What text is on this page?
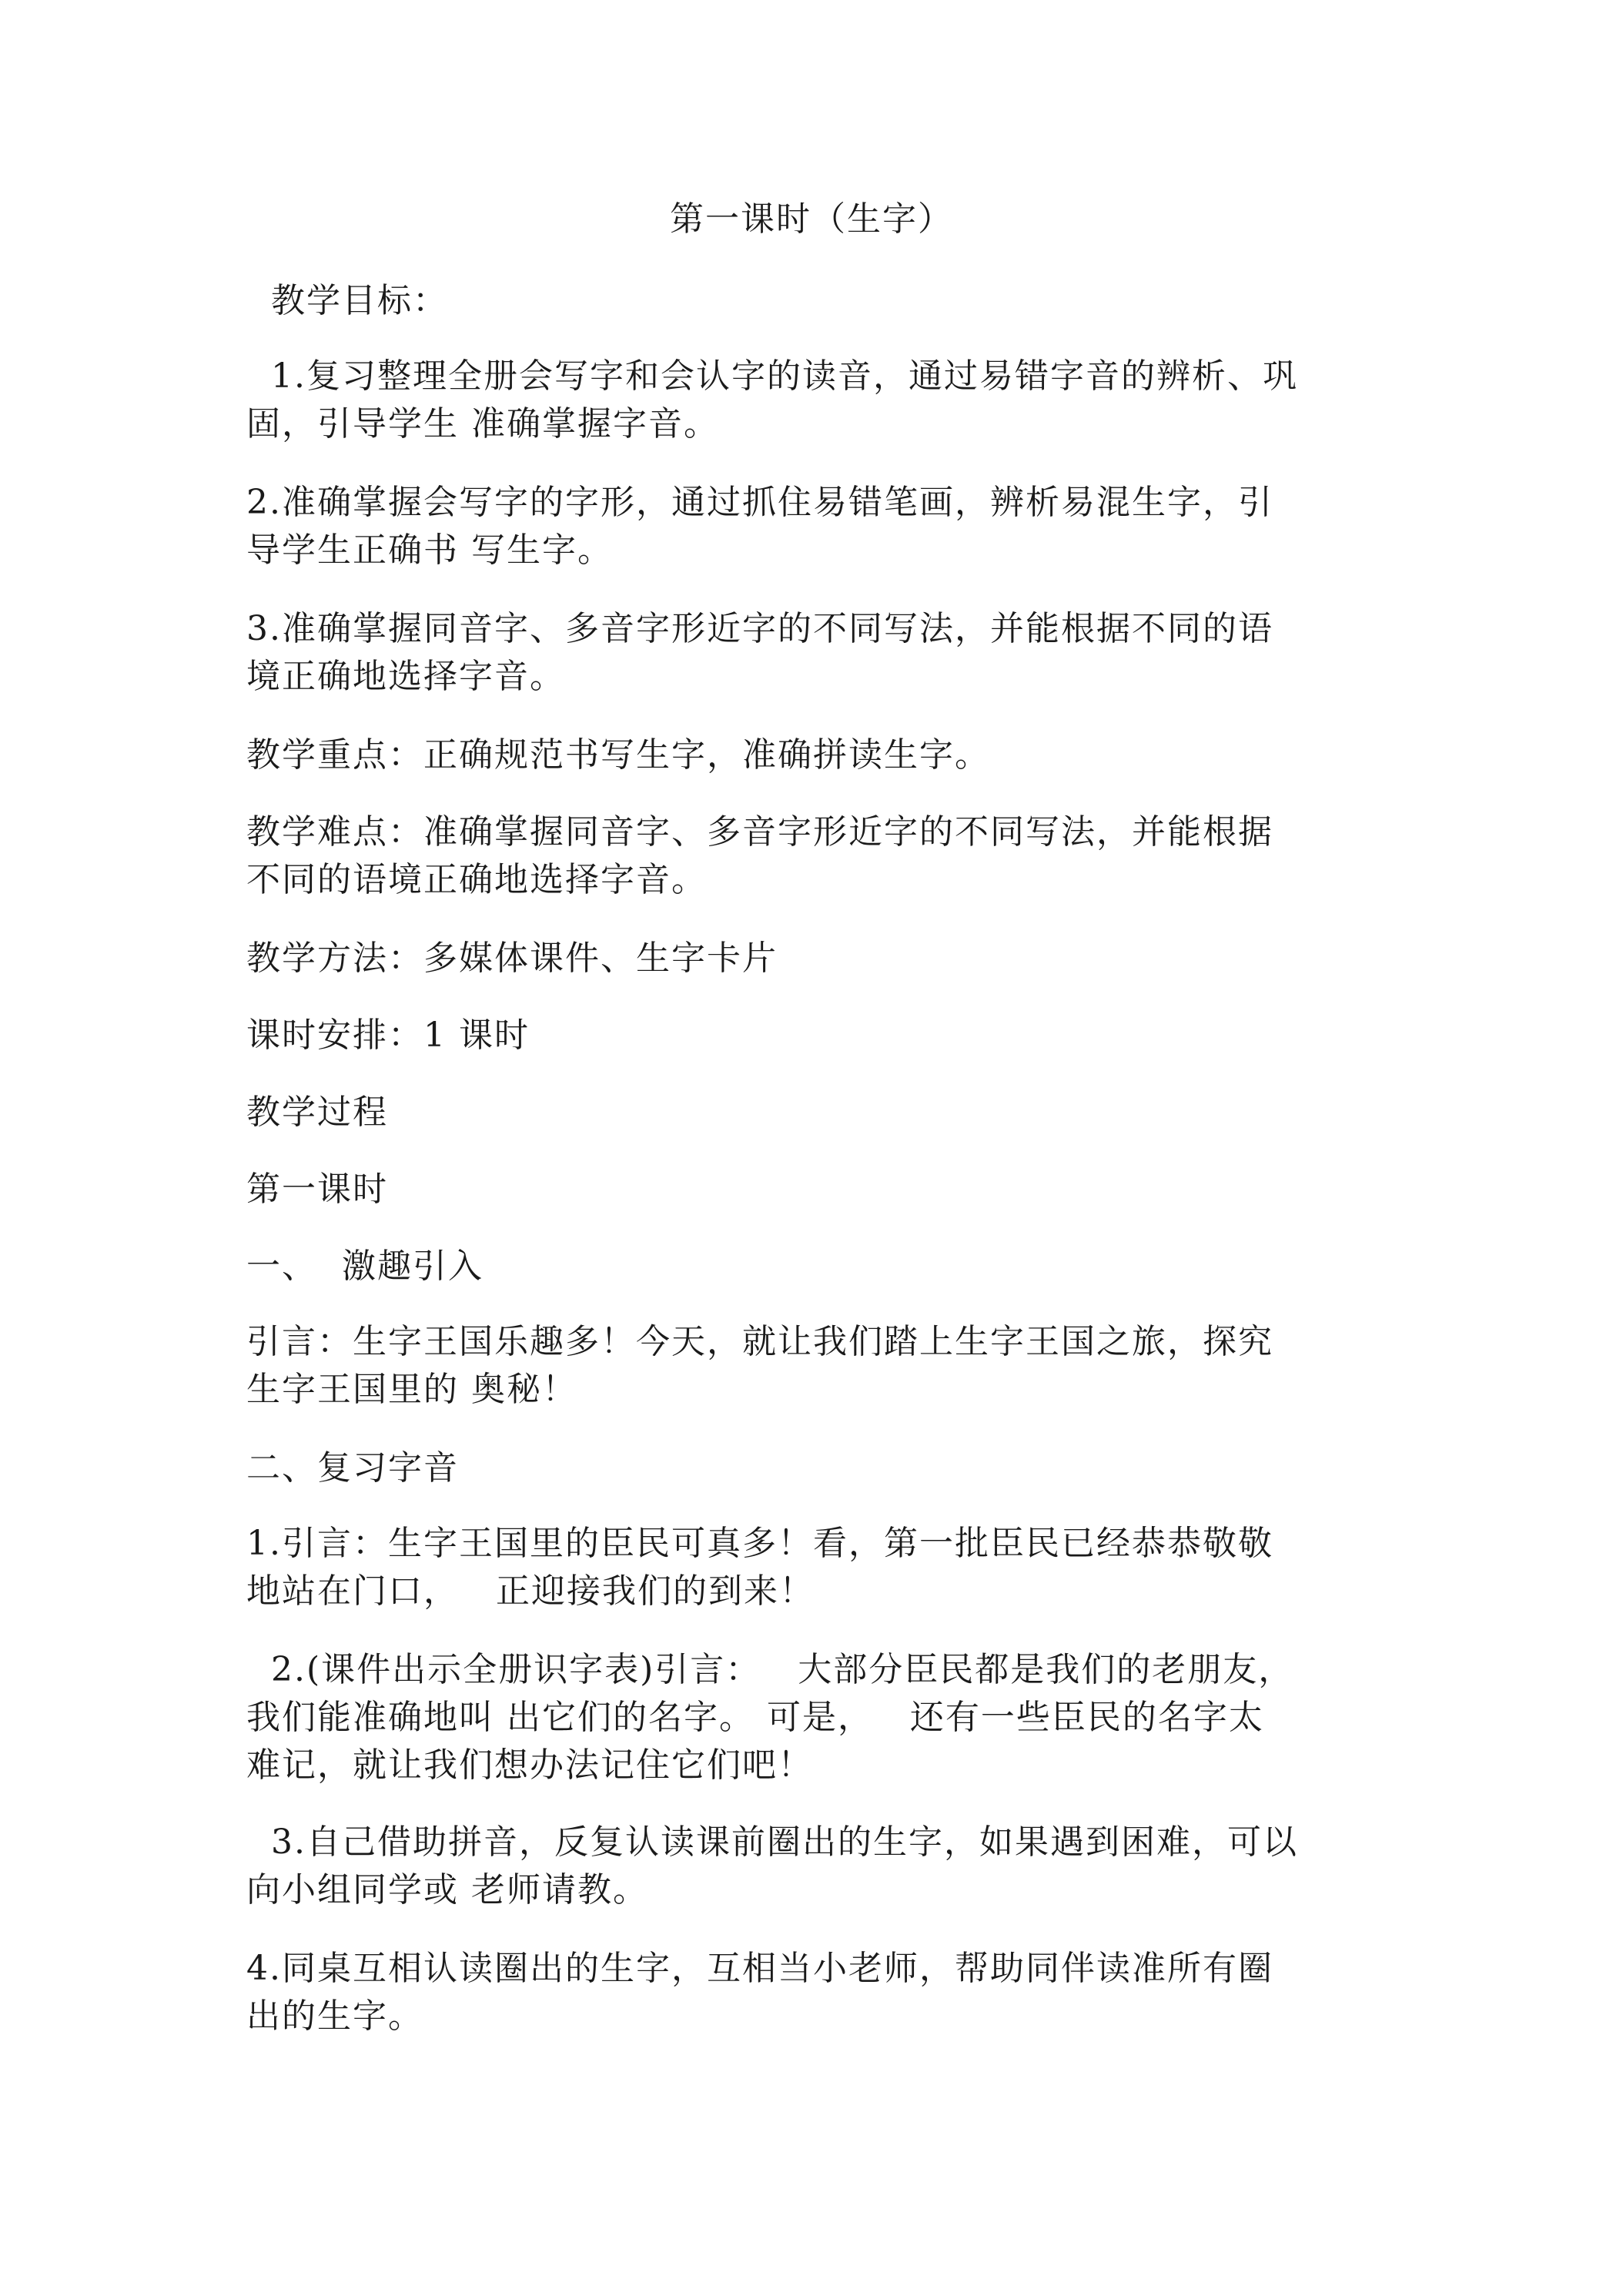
第一课时（生字）
教学目标：
1.复习整理全册会写字和会认字的读音，通过易错字音的辨析、巩
固，引导学生 准确掌握字音。
2.准确掌握会写字的字形，通过抓住易错笔画，辨析易混生字，引
导学生正确书 写生字。
3.准确掌握同音字、多音字形近字的不同写法，并能根据不同的语
境正确地选择字音。
教学重点：正确规范书写生字，准确拼读生字。
教学难点：准确掌握同音字、多音字形近字的不同写法，并能根据
不同的语境正确地选择字音。
教学方法：多媒体课件、生字卡片
课时安排：1 课时
教学过程
第一课时
一、  激趣引入
引言：生字王国乐趣多！今天，就让我们踏上生字王国之旅，探究
生字王国里的 奥秘！
二、复习字音
1.引言：生字王国里的臣民可真多！看，第一批臣民已经恭恭敬敬
地站在门口，   正迎接我们的到来！
2.(课件出示全册识字表)引言：   大部分臣民都是我们的老朋友，
我们能准确地叫 出它们的名字。 可是，   还有一些臣民的名字太
难记，就让我们想办法记住它们吧！
3.自己借助拼音，反复认读课前圈出的生字，如果遇到困难，可以
向小组同学或 老师请教。
4.同桌互相认读圈出的生字，互相当小老师，帮助同伴读准所有圈
出的生字。
